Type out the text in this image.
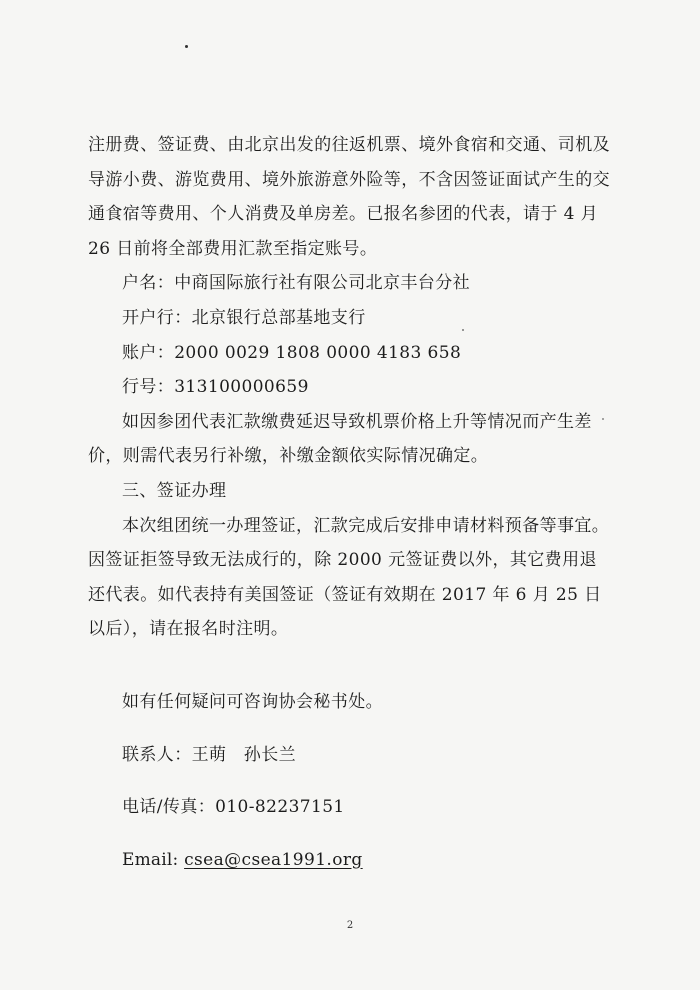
注册费、签证费、由北京出发的往返机票、境外食宿和交通、司机及导游小费、游览费用、境外旅游意外险等，不含因签证面试产生的交通食宿等费用、个人消费及单房差。已报名参团的代表，请于 4 月 26 日前将全部费用汇款至指定账号。

户名：中商国际旅行社有限公司北京丰台分社

开户行：北京银行总部基地支行

账户：2000 0029 1808 0000 4183 658

行号：313100000659

如因参团代表汇款缴费延迟导致机票价格上升等情况而产生差价，则需代表另行补缴，补缴金额依实际情况确定。

三、签证办理

本次组团统一办理签证，汇款完成后安排申请材料预备等事宜。因签证拒签导致无法成行的，除 2000 元签证费以外，其它费用退还代表。如代表持有美国签证（签证有效期在 2017 年 6 月 25 日以后），请在报名时注明。

如有任何疑问可咨询协会秘书处。

联系人：王萌　孙长兰

电话/传真：010-82237151

Email: csea@csea1991.org

2
